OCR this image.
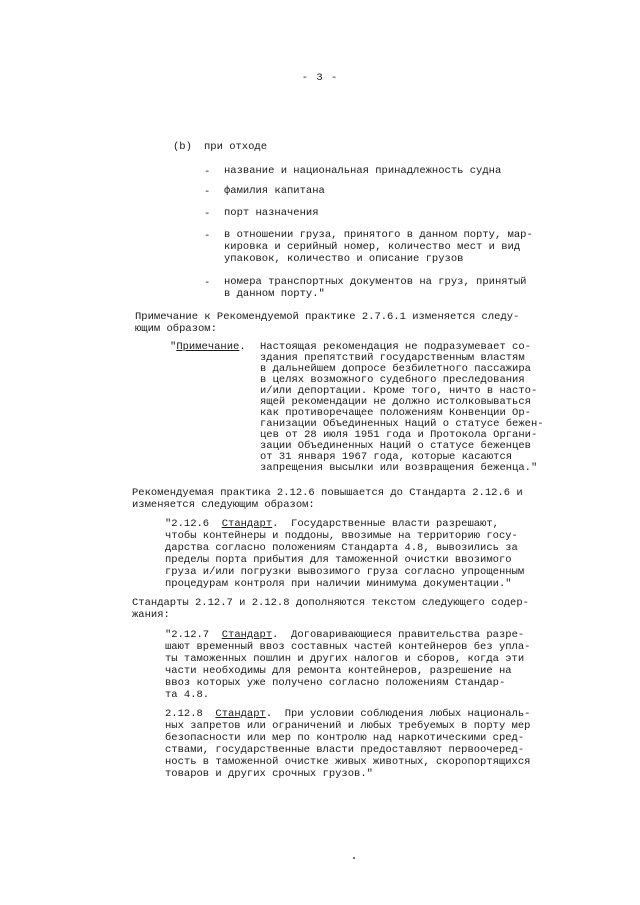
- 3 -
(b) при отходе
- название и национальная принадлежность судна
- фамилия капитана
- порт назначения
- в отношении груза, принятого в данном порту, мар-
кировка и серийный номер, количество мест и вид
упаковок, количество и описание грузов
- номера транспортных документов на груз, принятый
в данном порту."
Примечание к Рекомендуемой практике 2.7.6.1 изменяется следу-
ющим образом:
"Примечание. Настоящая рекомендация не подразумевает со-
здания препятствий государственным властям
в дальнейшем допросе безбилетного пассажира
в целях возможного судебного преследования
и/или депортации. Кроме того, ничто в насто-
ящей рекомендации не должно истолковываться
как противоречащее положениям Конвенции Ор-
ганизации Объединенных Наций о статусе бежен-
цев от 28 июля 1951 года и Протокола Органи-
зации Объединенных Наций о статусе беженцев
от 31 января 1967 года, которые касаются
запрещения высылки или возвращения беженца."
Рекомендуемая практика 2.12.6 повышается до Стандарта 2.12.6 и
изменяется следующим образом:
"2.12.6  Стандарт.  Государственные власти разрешают,
чтобы контейнеры и поддоны, ввозимые на территорию госу-
дарства согласно положениям Стандарта 4.8, вывозились за
пределы порта прибытия для таможенной очистки ввозимого
груза и/или погрузки вывозимого груза согласно упрощенным
процедурам контроля при наличии минимума документации."
Стандарты 2.12.7 и 2.12.8 дополняются текстом следующего содер-
жания:
"2.12.7  Стандарт.  Договаривающиеся правительства разре-
шают временный ввоз составных частей контейнеров без упла-
ты таможенных пошлин и других налогов и сборов, когда эти
части необходимы для ремонта контейнеров, разрешение на
ввоз которых уже получено согласно положениям Стандар-
та 4.8.
2.12.8  Стандарт.  При условии соблюдения любых националь-
ных запретов или ограничений и любых требуемых в порту мер
безопасности или мер по контролю над наркотическими сред-
ствами, государственные власти предоставляют первоочеред-
ность в таможенной очистке живых животных, скоропортящихся
товаров и других срочных грузов."
